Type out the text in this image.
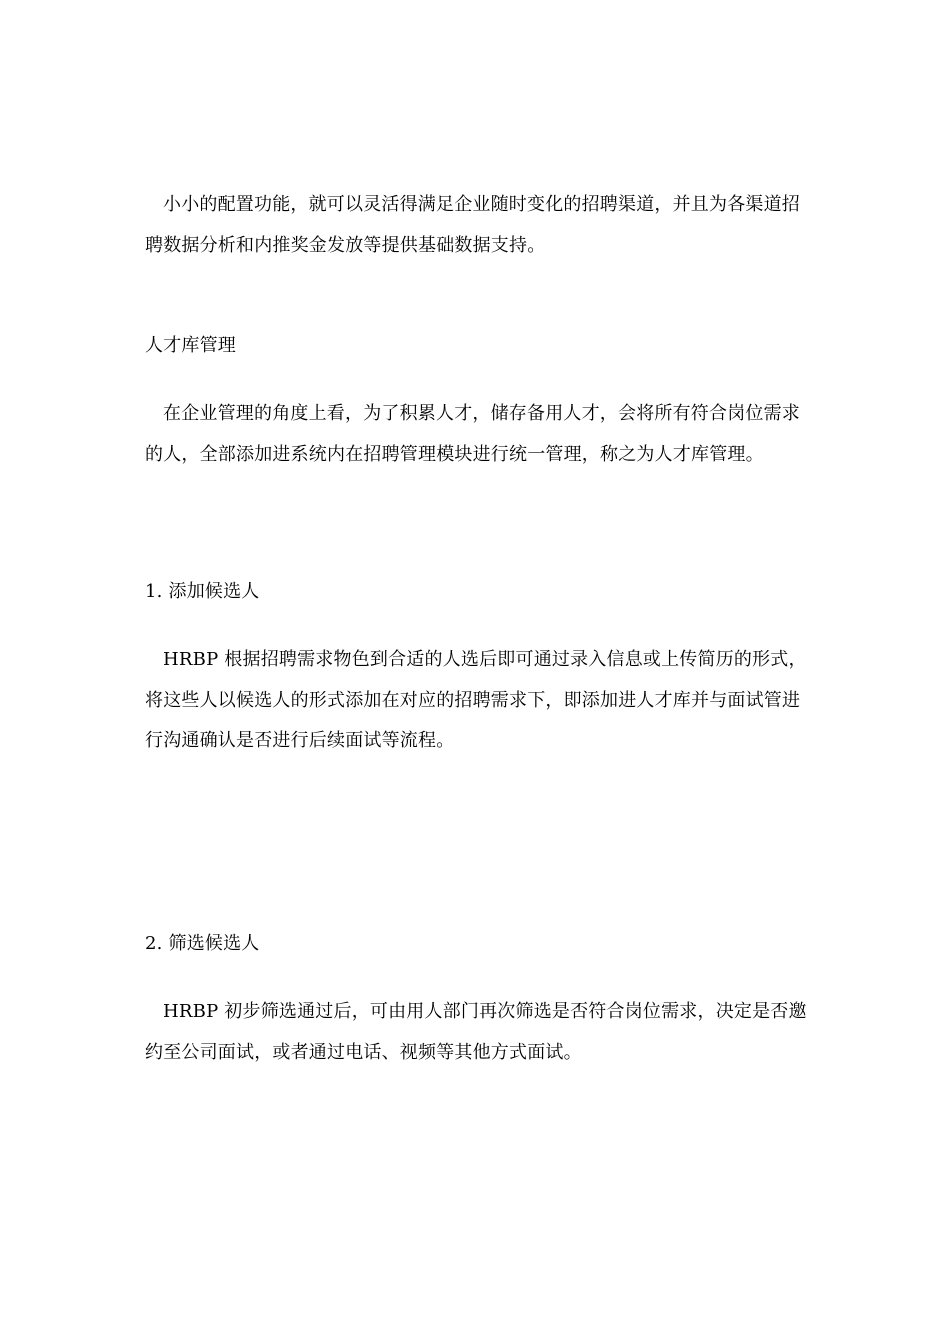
小小的配置功能，就可以灵活得满足企业随时变化的招聘渠道，并且为各渠道招聘数据分析和内推奖金发放等提供基础数据支持。

人才库管理

在企业管理的角度上看，为了积累人才，储存备用人才，会将所有符合岗位需求的人，全部添加进系统内在招聘管理模块进行统一管理，称之为人才库管理。

1. 添加候选人

HRBP 根据招聘需求物色到合适的人选后即可通过录入信息或上传简历的形式，将这些人以候选人的形式添加在对应的招聘需求下，即添加进人才库并与面试管进行沟通确认是否进行后续面试等流程。

2. 筛选候选人

HRBP 初步筛选通过后，可由用人部门再次筛选是否符合岗位需求，决定是否邀约至公司面试，或者通过电话、视频等其他方式面试。
